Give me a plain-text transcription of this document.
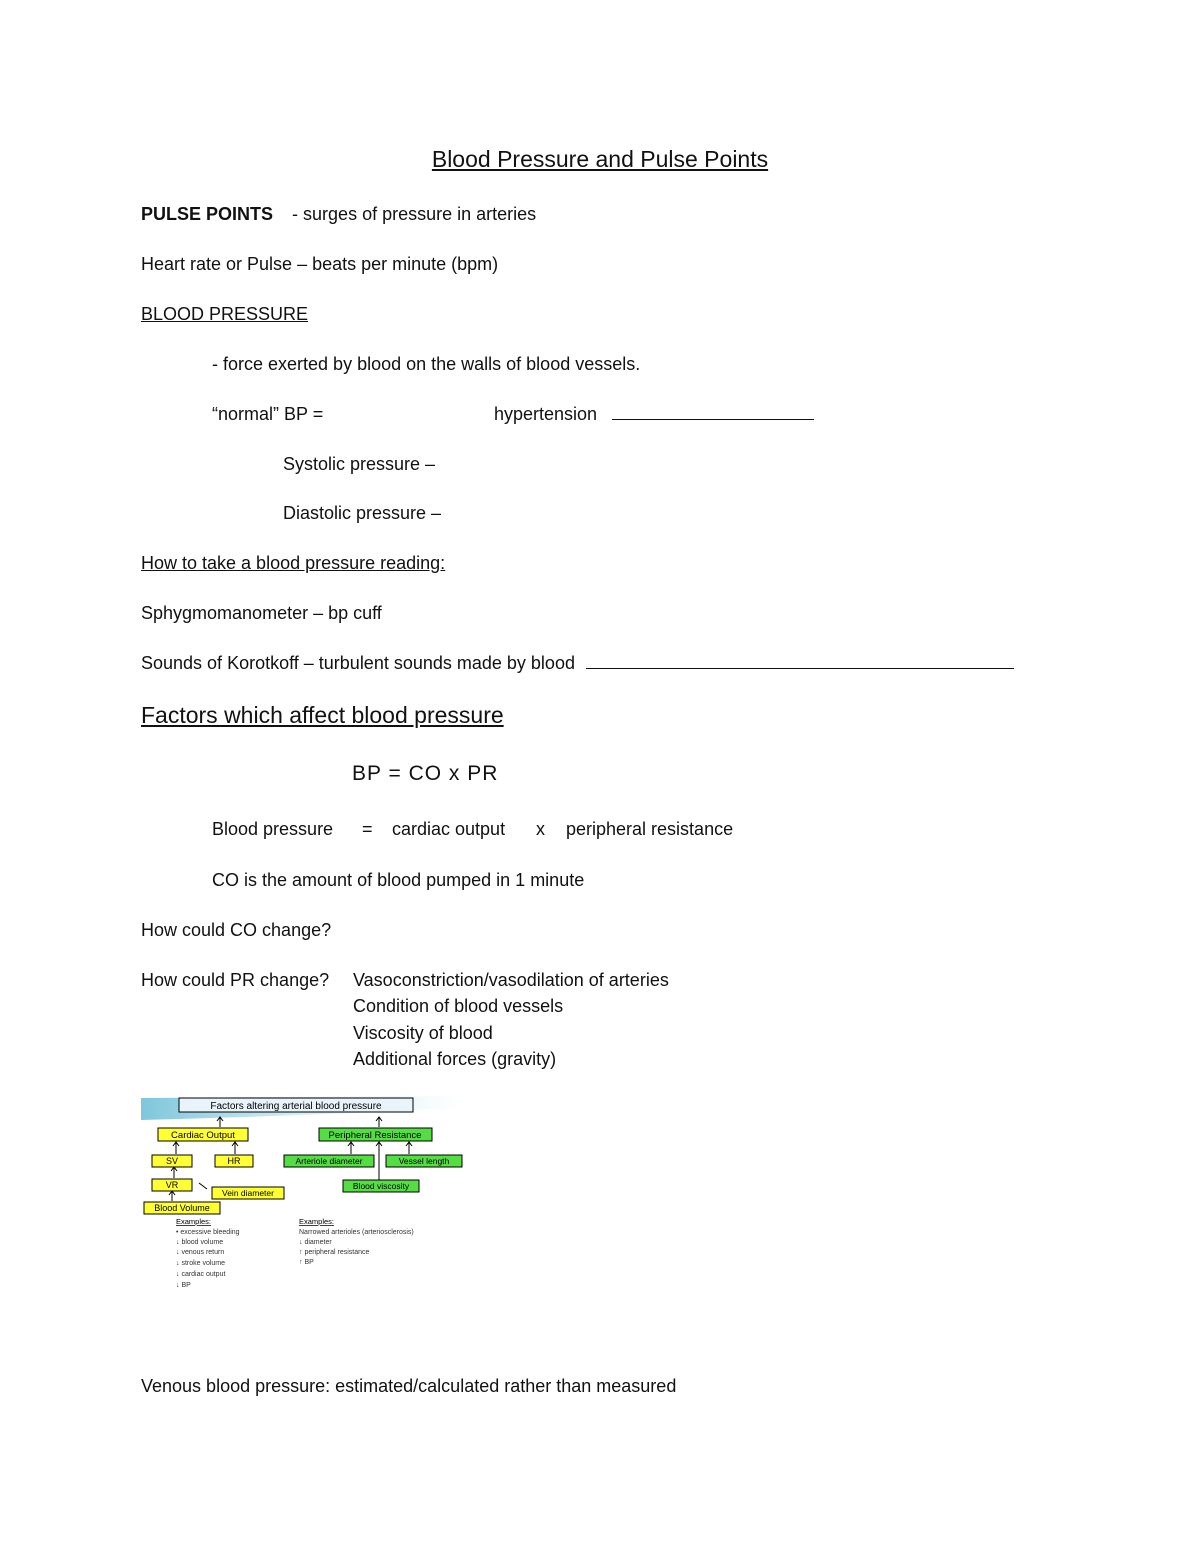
Blood Pressure and Pulse Points
PULSE POINTS - surges of pressure in arteries
Heart rate or Pulse – beats per minute (bpm)
BLOOD PRESSURE
- force exerted by blood on the walls of blood vessels.
“normal” BP =	hypertension
Systolic pressure –
Diastolic pressure –
How to take a blood pressure reading:
Sphygmomanometer – bp cuff
Sounds of Korotkoff – turbulent sounds made by blood
Factors which affect blood pressure
BP = CO x PR
Blood pressure = cardiac output x peripheral resistance
CO is the amount of blood pumped in 1 minute
How could CO change?
How could PR change? Vasoconstriction/vasodilation of arteries
Condition of blood vessels
Viscosity of blood
Additional forces (gravity)
Factors altering arterial blood pressure
Cardiac Output
SV	HR
VR
Vein diameter
Blood Volume
Peripheral Resistance
Arteriole diameter	Vessel length
Blood viscosity
Examples:
• excessive bleeding
↓ blood volume
↓ venous return
↓ stroke volume
↓ cardiac output
↓ BP
Examples:
Narrowed arterioles (arteriosclerosis)
↓ diameter
↑ peripheral resistance
↑ BP
Venous blood pressure: estimated/calculated rather than measured
